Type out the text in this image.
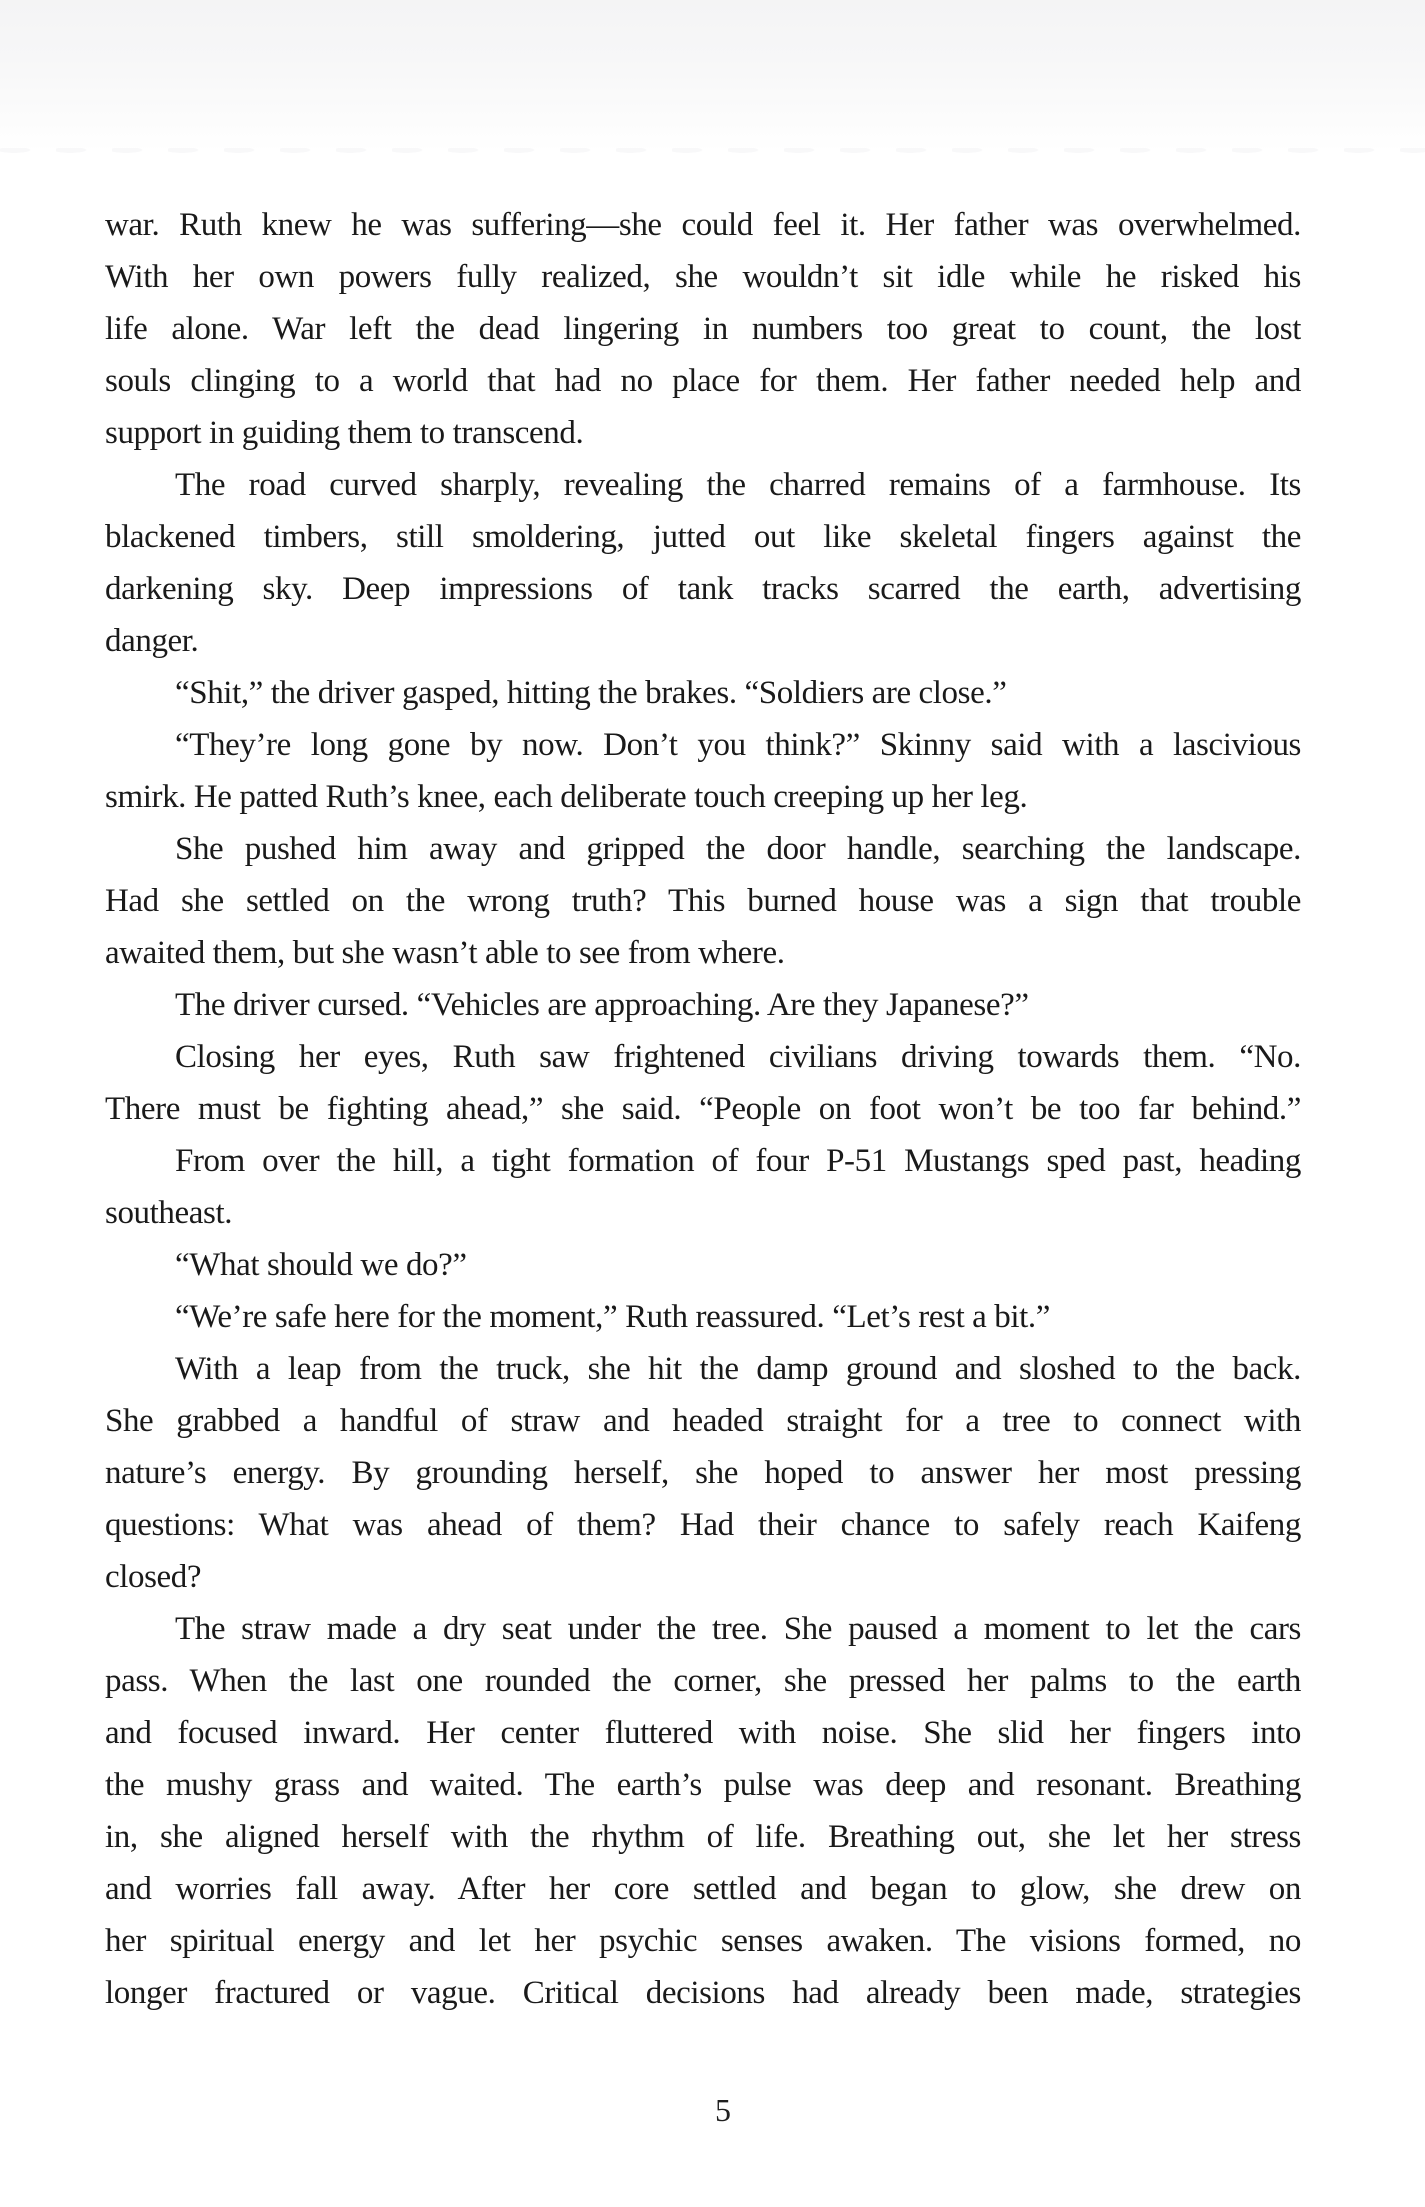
war. Ruth knew he was suffering—she could feel it. Her father was overwhelmed.
With her own powers fully realized, she wouldn’t sit idle while he risked his
life alone. War left the dead lingering in numbers too great to count, the lost
souls clinging to a world that had no place for them. Her father needed help and
support in guiding them to transcend.
The road curved sharply, revealing the charred remains of a farmhouse. Its
blackened timbers, still smoldering, jutted out like skeletal fingers against the
darkening sky. Deep impressions of tank tracks scarred the earth, advertising
danger.
“Shit,” the driver gasped, hitting the brakes. “Soldiers are close.”
“They’re long gone by now. Don’t you think?” Skinny said with a lascivious
smirk. He patted Ruth’s knee, each deliberate touch creeping up her leg.
She pushed him away and gripped the door handle, searching the landscape.
Had she settled on the wrong truth? This burned house was a sign that trouble
awaited them, but she wasn’t able to see from where.
The driver cursed. “Vehicles are approaching. Are they Japanese?”
Closing her eyes, Ruth saw frightened civilians driving towards them. “No.
There must be fighting ahead,” she said. “People on foot won’t be too far behind.”
From over the hill, a tight formation of four P-51 Mustangs sped past, heading
southeast.
“What should we do?”
“We’re safe here for the moment,” Ruth reassured. “Let’s rest a bit.”
With a leap from the truck, she hit the damp ground and sloshed to the back.
She grabbed a handful of straw and headed straight for a tree to connect with
nature’s energy. By grounding herself, she hoped to answer her most pressing
questions: What was ahead of them? Had their chance to safely reach Kaifeng
closed?
The straw made a dry seat under the tree. She paused a moment to let the cars
pass. When the last one rounded the corner, she pressed her palms to the earth
and focused inward. Her center fluttered with noise. She slid her fingers into
the mushy grass and waited. The earth’s pulse was deep and resonant. Breathing
in, she aligned herself with the rhythm of life. Breathing out, she let her stress
and worries fall away. After her core settled and began to glow, she drew on
her spiritual energy and let her psychic senses awaken. The visions formed, no
longer fractured or vague. Critical decisions had already been made, strategies
5
